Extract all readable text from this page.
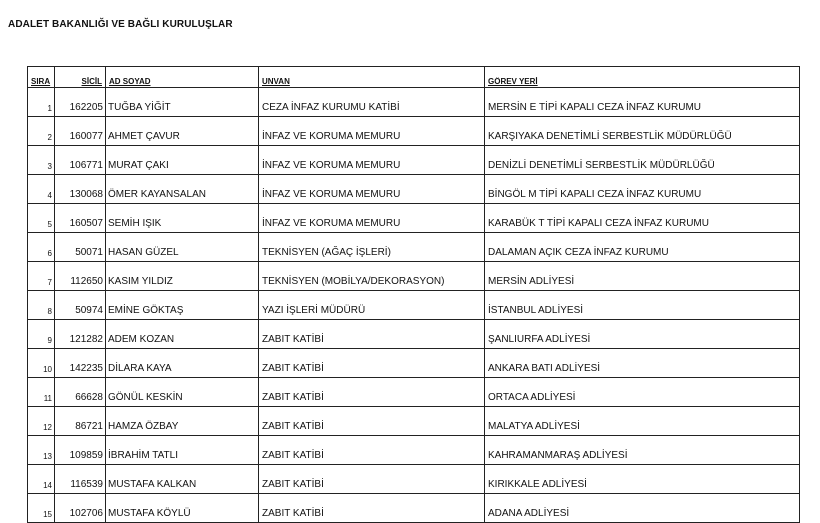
ADALET BAKANLIĞI VE BAĞLI KURULUŞLAR

SIRA	SİCİL	AD SOYAD	UNVAN	GÖREV YERİ
1	162205	TUĞBA YİĞİT	CEZA İNFAZ KURUMU KATİBİ	MERSİN E TİPİ KAPALI CEZA İNFAZ KURUMU
2	160077	AHMET ÇAVUR	İNFAZ VE KORUMA MEMURU	KARŞIYAKA DENETİMLİ SERBESTLİK MÜDÜRLÜĞÜ
3	106771	MURAT ÇAKI	İNFAZ VE KORUMA MEMURU	DENİZLİ DENETİMLİ SERBESTLİK MÜDÜRLÜĞÜ
4	130068	ÖMER KAYANSALAN	İNFAZ VE KORUMA MEMURU	BİNGÖL M TİPİ KAPALI CEZA İNFAZ KURUMU
5	160507	SEMİH IŞIK	İNFAZ VE KORUMA MEMURU	KARABÜK T TİPİ KAPALI CEZA İNFAZ KURUMU
6	50071	HASAN GÜZEL	TEKNİSYEN (AĞAÇ İŞLERİ)	DALAMAN AÇIK CEZA İNFAZ KURUMU
7	112650	KASIM YILDIZ	TEKNİSYEN (MOBİLYA/DEKORASYON)	MERSİN ADLİYESİ
8	50974	EMİNE GÖKTAŞ	YAZI İŞLERİ MÜDÜRÜ	İSTANBUL ADLİYESİ
9	121282	ADEM KOZAN	ZABIT KATİBİ	ŞANLIURFA ADLİYESİ
10	142235	DİLARA KAYA	ZABIT KATİBİ	ANKARA BATI ADLİYESİ
11	66628	GÖNÜL KESKİN	ZABIT KATİBİ	ORTACA ADLİYESİ
12	86721	HAMZA ÖZBAY	ZABIT KATİBİ	MALATYA ADLİYESİ
13	109859	İBRAHİM TATLI	ZABIT KATİBİ	KAHRAMANMARAŞ ADLİYESİ
14	116539	MUSTAFA KALKAN	ZABIT KATİBİ	KIRIKKALE ADLİYESİ
15	102706	MUSTAFA KÖYLÜ	ZABIT KATİBİ	ADANA ADLİYESİ
